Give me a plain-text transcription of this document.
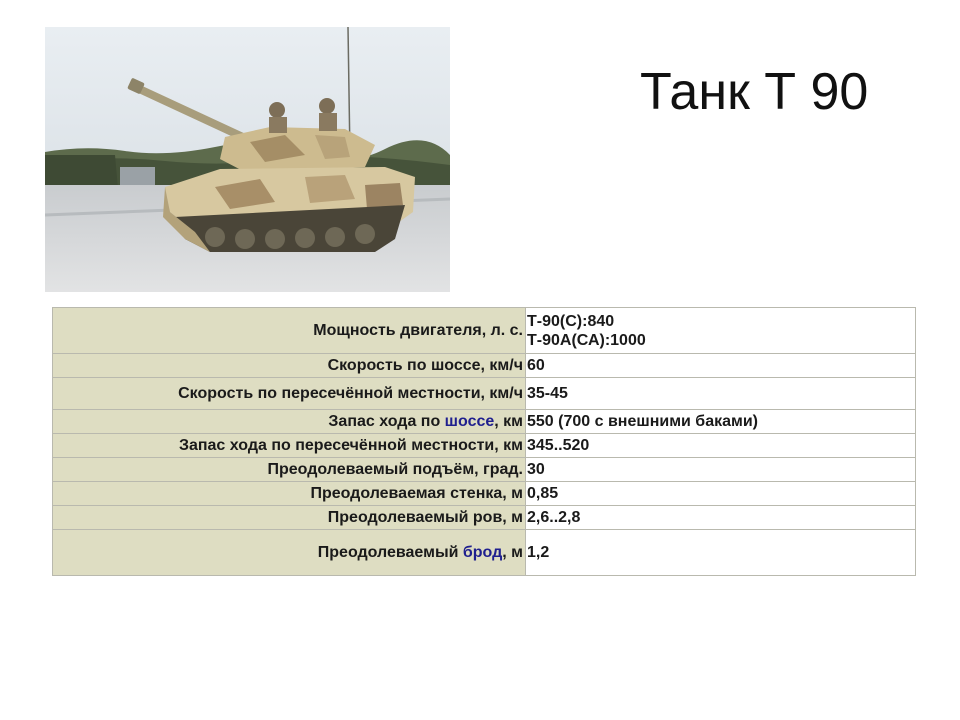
Танк Т 90
Мощность двигателя, л. с.	Т-90(С):840
Т-90А(СА):1000

Скорость по шоссе, км/ч	60
Скорость по пересечённой местности, км/ч	35-45
Запас хода по шоссе, км	550 (700 с внешними баками)
Запас хода по пересечённой местности, км	345..520
Преодолеваемый подъём, град.	30
Преодолеваемая стенка, м	0,85
Преодолеваемый ров, м	2,6..2,8
Преодолеваемый брод, м	1,2
